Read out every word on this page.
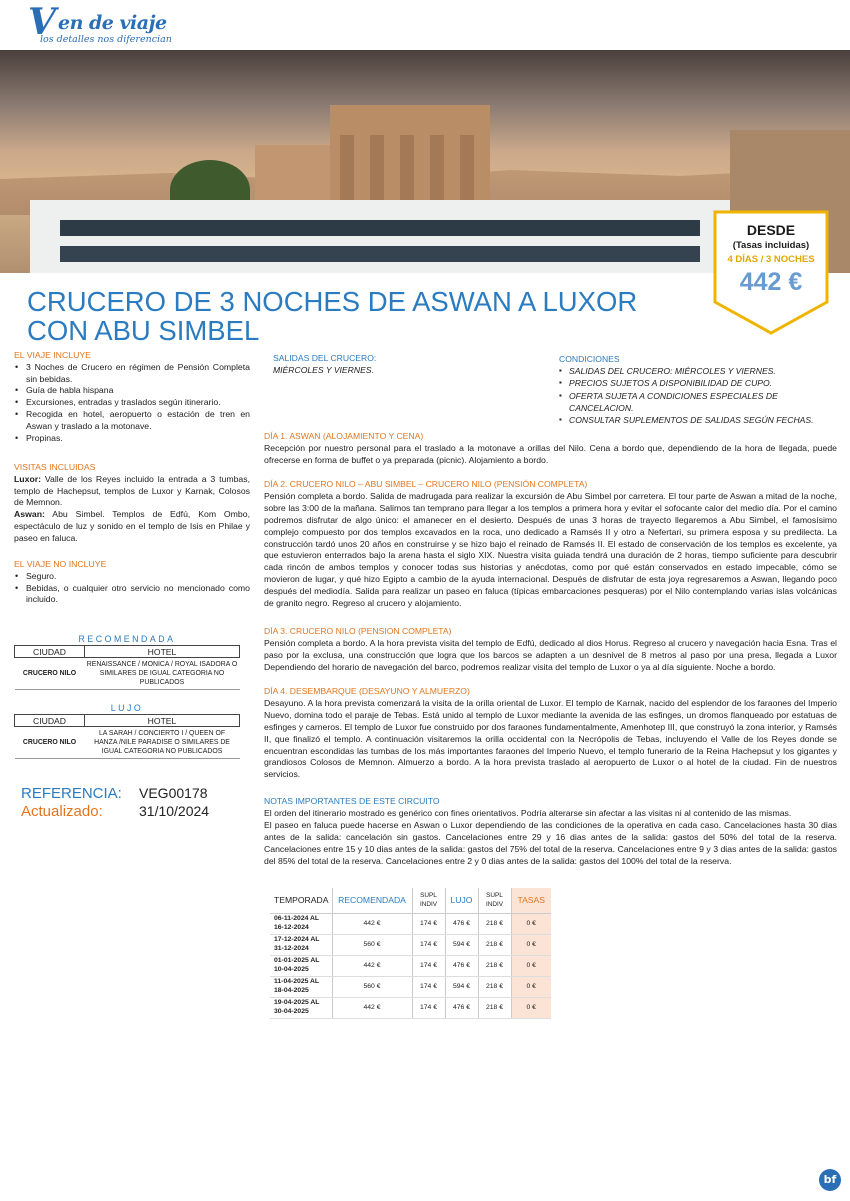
V en de viaje
los detalles nos diferencian
DESDE
(Tasas incluidas)
4 DÍAS / 3 NOCHES
442 €
CRUCERO DE 3 NOCHES DE ASWAN A LUXOR CON ABU SIMBEL
EL VIAJE INCLUYE
• 3 Noches de Crucero en régimen de Pensión Completa sin bebidas.
• Guía de habla hispana
• Excursiones, entradas y traslados según itinerario.
• Recogida en hotel, aeropuerto o estación de tren en Aswan y traslado a la motonave.
• Propinas.
VISITAS INCLUIDAS
Luxor: Valle de los Reyes incluido la entrada a 3 tumbas, templo de Hachepsut, templos de Luxor y Karnak, Colosos de Memnon.
Aswan: Abu Simbel. Templos de Edfú, Kom Ombo, espectáculo de luz y sonido en el templo de Isis en Philae y paseo en faluca.
EL VIAJE NO INCLUYE
• Seguro.
• Bebidas, o cualquier otro servicio no mencionado como incluido.
RECOMENDADA
CIUDAD	HOTEL
CRUCERO NILO	RENAISSANCE / MONICA / ROYAL ISADORA O SIMILARES DE IGUAL CATEGORIA NO PUBLICADOS
LUJO
CIUDAD	HOTEL
CRUCERO NILO	LA SARAH / CONCIERTO I / QUEEN OF HANZA /NILE PARADISE O SIMILARES DE IGUAL CATEGORIA NO PUBLICADOS
REFERENCIA: VEG00178
Actualizado:	31/10/2024
SALIDAS DEL CRUCERO:
MIÉRCOLES Y VIERNES.
CONDICIONES
▪ SALIDAS DEL CRUCERO: MIÉRCOLES Y VIERNES.
▪ PRECIOS SUJETOS A DISPONIBILIDAD DE CUPO.
▪ OFERTA SUJETA A CONDICIONES ESPECIALES DE CANCELACION.
▪ CONSULTAR SUPLEMENTOS DE SALIDAS SEGÚN FECHAS.
DÍA 1. ASWAN (ALOJAMIENTO Y CENA)
Recepción por nuestro personal para el traslado a la motonave a orillas del Nilo. Cena a bordo que, dependiendo de la hora de llegada, puede ofrecerse en forma de buffet o ya preparada (picnic). Alojamiento a bordo.
DÍA 2. CRUCERO NILO – ABU SIMBEL – CRUCERO NILO (PENSIÓN COMPLETA)
Pensión completa a bordo. Salida de madrugada para realizar la excursión de Abu Simbel por carretera. El tour parte de Aswan a mitad de la noche, sobre las 3:00 de la mañana. Salimos tan temprano para llegar a los templos a primera hora y evitar el sofocante calor del medio día. Por el camino podremos disfrutar de algo único: el amanecer en el desierto. Después de unas 3 horas de trayecto llegaremos a Abu Simbel, el famosísimo complejo compuesto por dos templos excavados en la roca, uno dedicado a Ramsés II y otro a Nefertari, su primera esposa y su predilecta. La construcción tardó unos 20 años en construirse y se hizo bajo el reinado de Ramsés II. El estado de conservación de los templos es excelente, ya que estuvieron enterrados bajo la arena hasta el siglo XIX. Nuestra visita guiada tendrá una duración de 2 horas, tiempo suficiente para descubrir cada rincón de ambos templos y conocer todas sus historias y anécdotas, como por qué están conservados en estado impecable, cómo se movieron de lugar, y qué hizo Egipto a cambio de la ayuda internacional. Después de disfrutar de esta joya regresaremos a Aswan, llegando poco después del mediodía. Salida para realizar un paseo en faluca (típicas embarcaciones pesqueras) por el Nilo contemplando varias islas volcánicas de granito negro. Regreso al crucero y alojamiento.
DÍA 3. CRUCERO NILO (PENSION COMPLETA)
Pensión completa a bordo. A la hora prevista visita del templo de Edfú, dedicado al dios Horus. Regreso al crucero y navegación hacia Esna. Tras el paso por la exclusa, una construcción que logra que los barcos se adapten a un desnivel de 8 metros al paso por una presa, llegada a Luxor Dependiendo del horario de navegación del barco, podremos realizar visita del templo de Luxor o ya al día siguiente. Noche a bordo.
DÍA 4. DESEMBARQUE (DESAYUNO Y ALMUERZO)
Desayuno. A la hora prevista comenzará la visita de la orilla oriental de Luxor. El templo de Karnak, nacido del esplendor de los faraones del Imperio Nuevo, domina todo el paraje de Tebas. Está unido al templo de Luxor mediante la avenida de las esfinges, un dromos flanqueado por estatuas de esfinges y carneros. El templo de Luxor fue construido por dos faraones fundamentalmente, Amenhotep III, que construyó la zona interior, y Ramsés II, que finalizó el templo. A continuación visitaremos la orilla occidental con la Necrópolis de Tebas, incluyendo el Valle de los Reyes donde se encuentran escondidas las tumbas de los más importantes faraones del Imperio Nuevo, el templo funerario de la Reina Hachepsut y los gigantes y grandiosos Colosos de Memnon. Almuerzo a bordo. A la hora prevista traslado al aeropuerto de Luxor o al hotel de la ciudad. Fin de nuestros servicios.
NOTAS IMPORTANTES DE ESTE CIRCUITO
El orden del itinerario mostrado es genérico con fines orientativos. Podría alterarse sin afectar a las visitas ni al contenido de las mismas.
El paseo en faluca puede hacerse en Aswan o Luxor dependiendo de las condiciones de la operativa en cada caso. Cancelaciones hasta 30 dias antes de la salida: cancelación sin gastos. Cancelaciones entre 29 y 16 dias antes de la salida: gastos del 50% del total de la reserva. Cancelaciones entre 15 y 10 dias antes de la salida: gastos del 75% del total de la reserva. Cancelaciones entre 9 y 3 dias antes de la salida: gastos del 85% del total de la reserva. Cancelaciones entre 2 y 0 dias antes de la salida: gastos del 100% del total de la reserva.
TEMPORADA	RECOMENDADA	SUPL INDIV	LUJO	SUPL INDIV	TASAS
06-11-2024 AL
16-12-2024	442 €	174 €	476 €	218 €	0 €
17-12-2024 AL
31-12-2024	560 €	174 €	594 €	218 €	0 €
01-01-2025 AL
10-04-2025	442 €	174 €	476 €	218 €	0 €
11-04-2025 AL
18-04-2025	560 €	174 €	594 €	218 €	0 €
19-04-2025 AL
30-04-2025	442 €	174 €	476 €	218 €	0 €
bf
